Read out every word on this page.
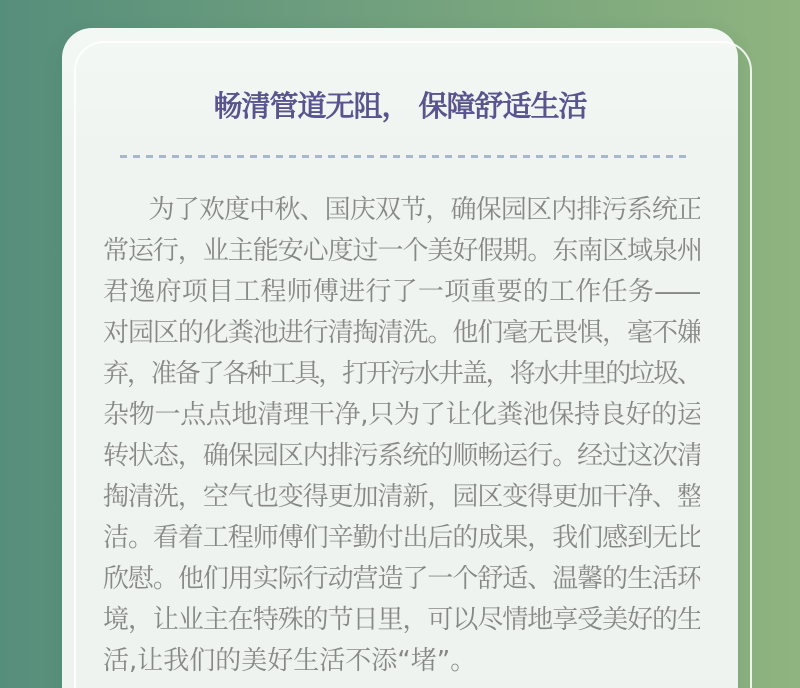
畅清管道无阻， 保障舒适生活
为了欢度中秋、国庆双节，确保园区内排污系统正
常运行，业主能安心度过一个美好假期。东南区域泉州
君逸府项目工程师傅进行了一项重要的工作任务——
对园区的化粪池进行清掏清洗。他们毫无畏惧，毫不嫌
弃，准备了各种工具，打开污水井盖，将水井里的垃圾、
杂物一点点地清理干净,只为了让化粪池保持良好的运
转状态，确保园区内排污系统的顺畅运行。经过这次清
掏清洗，空气也变得更加清新，园区变得更加干净、整
洁。看着工程师傅们辛勤付出后的成果，我们感到无比
欣慰。他们用实际行动营造了一个舒适、温馨的生活环
境，让业主在特殊的节日里，可以尽情地享受美好的生
活,让我们的美好生活不添“堵”。
